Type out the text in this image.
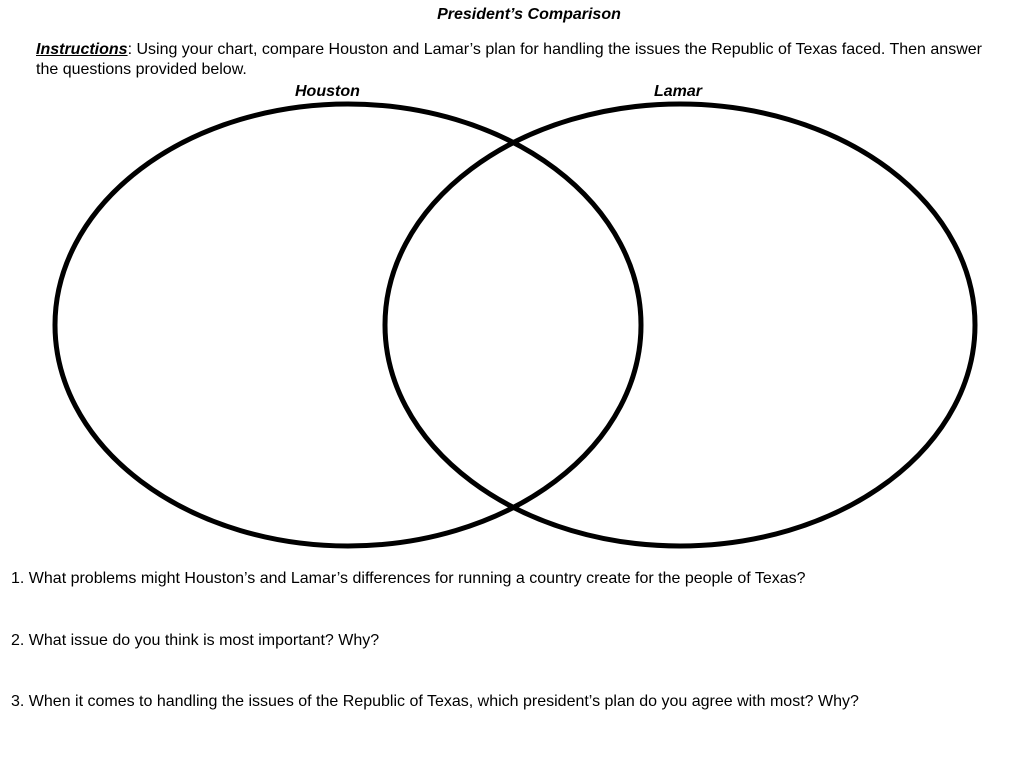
President’s Comparison
Instructions: Using your chart, compare Houston and Lamar’s plan for handling the issues the Republic of Texas faced. Then answer the questions provided below.
Houston	Lamar
1. What problems might Houston’s and Lamar’s differences for running a country create for the people of Texas?
2. What issue do you think is most important? Why?
3. When it comes to handling the issues of the Republic of Texas, which president’s plan do you agree with most? Why?
